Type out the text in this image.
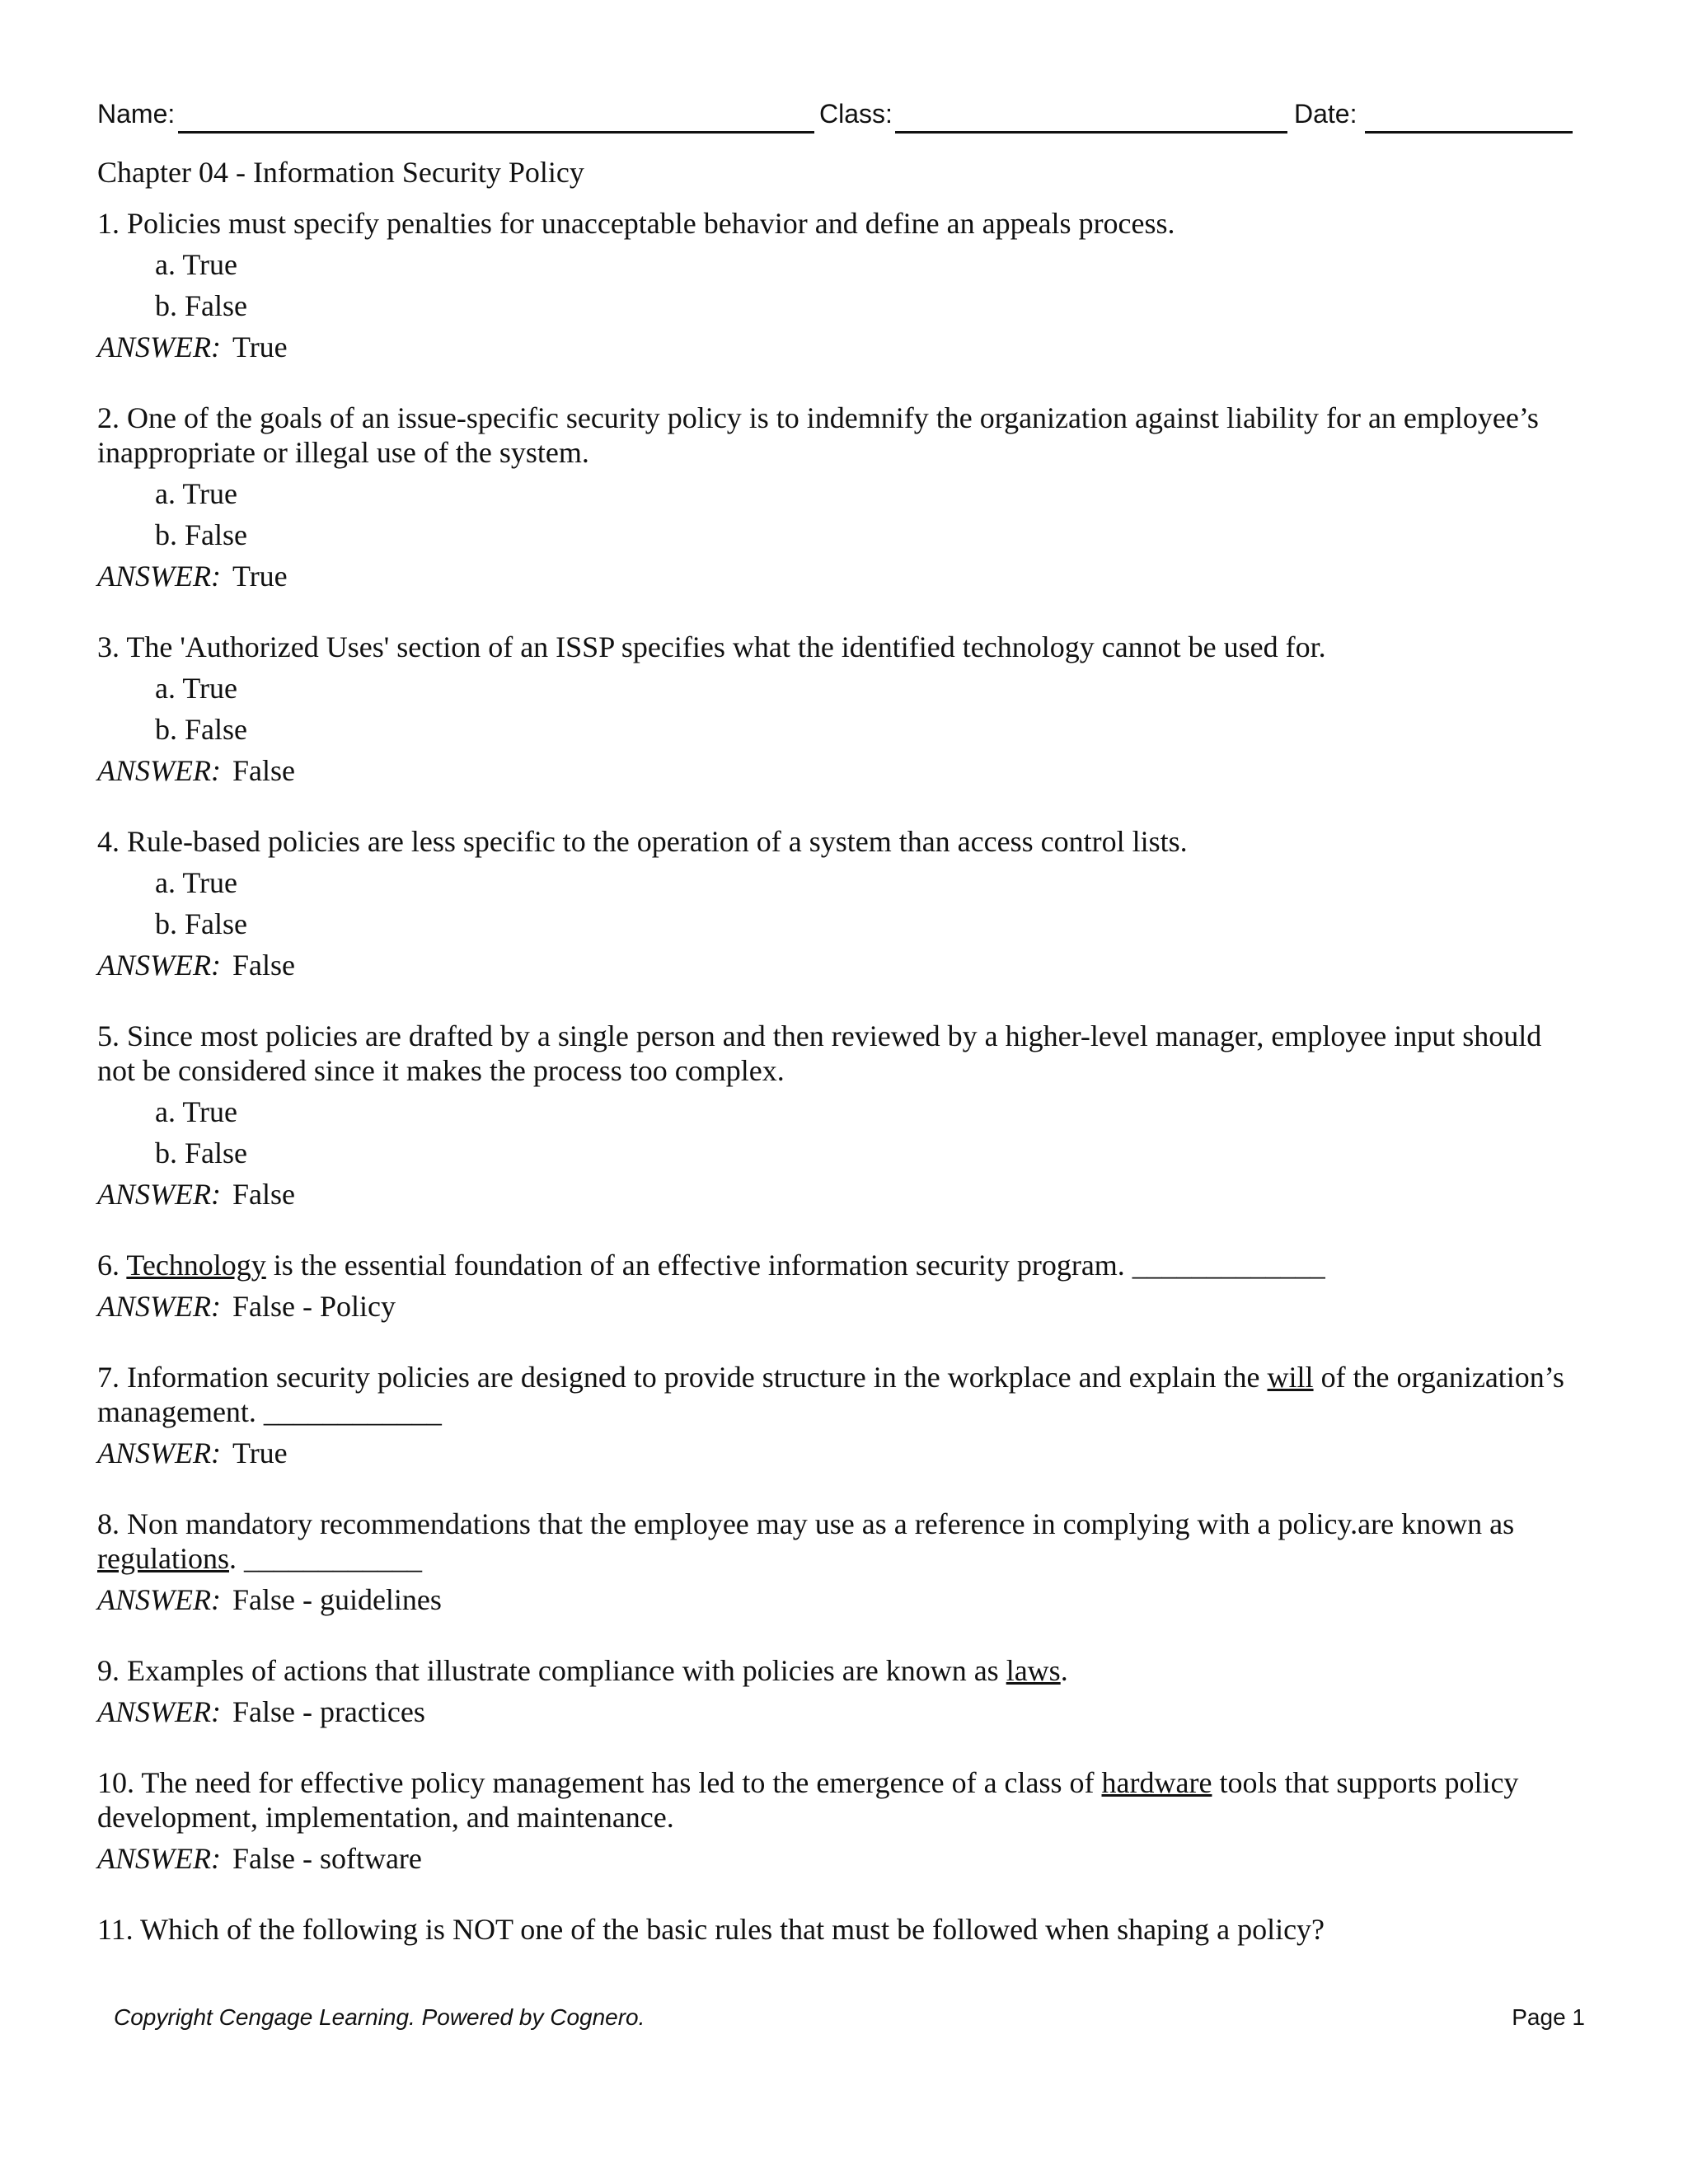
Name:	Class:	Date:
Chapter 04 - Information Security Policy
1. Policies must specify penalties for unacceptable behavior and define an appeals process.
a. True
b. False
ANSWER: True
2. One of the goals of an issue-specific security policy is to indemnify the organization against liability for an employee’s inappropriate or illegal use of the system.
a. True
b. False
ANSWER: True
3. The 'Authorized Uses' section of an ISSP specifies what the identified technology cannot be used for.
a. True
b. False
ANSWER: False
4. Rule-based policies are less specific to the operation of a system than access control lists.
a. True
b. False
ANSWER: False
5. Since most policies are drafted by a single person and then reviewed by a higher-level manager, employee input should not be considered since it makes the process too complex.
a. True
b. False
ANSWER: False
6. Technology is the essential foundation of an effective information security program. _____________
ANSWER: False - Policy
7. Information security policies are designed to provide structure in the workplace and explain the will of the organization’s management. ____________
ANSWER: True
8. Non mandatory recommendations that the employee may use as a reference in complying with a policy.are known as regulations. ____________
ANSWER: False - guidelines
9. Examples of actions that illustrate compliance with policies are known as laws.
ANSWER: False - practices
10. The need for effective policy management has led to the emergence of a class of hardware tools that supports policy development, implementation, and maintenance.
ANSWER: False - software
11. Which of the following is NOT one of the basic rules that must be followed when shaping a policy?
Copyright Cengage Learning. Powered by Cognero.	Page 1
